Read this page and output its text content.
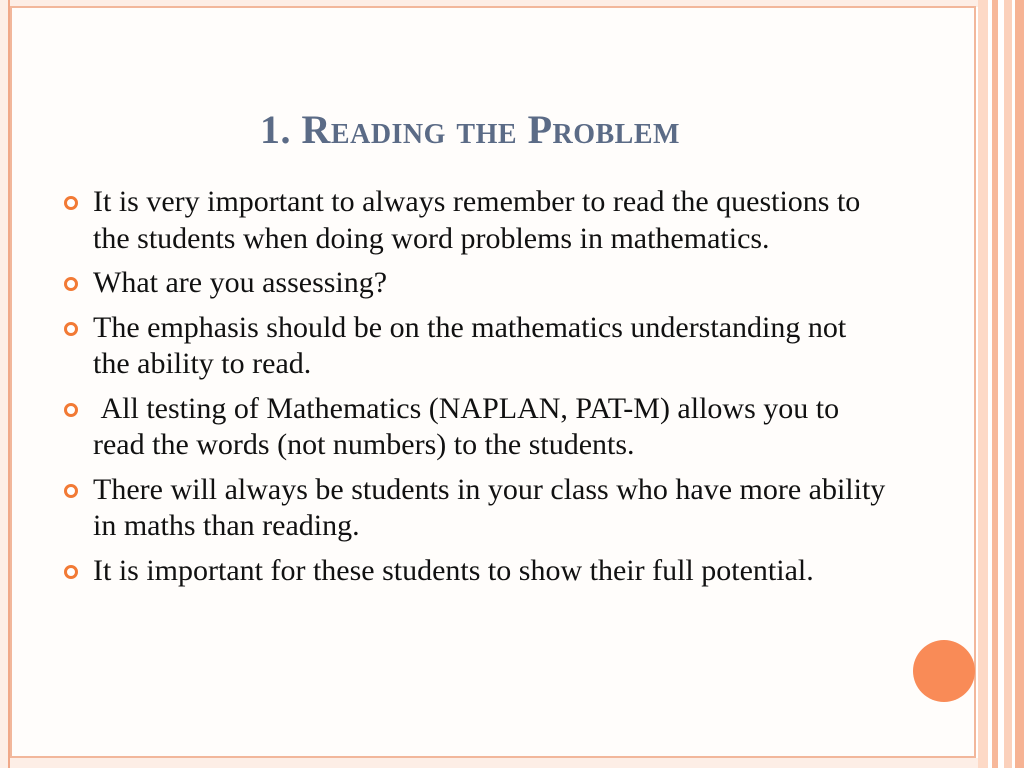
1. Reading the Problem
It is very important to always remember to read the questions to the students when doing word problems in mathematics.
What are you assessing?
The emphasis should be on the mathematics understanding not the ability to read.
All testing of Mathematics (NAPLAN, PAT-M) allows you to read the words (not numbers) to the students.
There will always be students in your class who have more ability in maths than reading.
It is important for these students to show their full potential.
